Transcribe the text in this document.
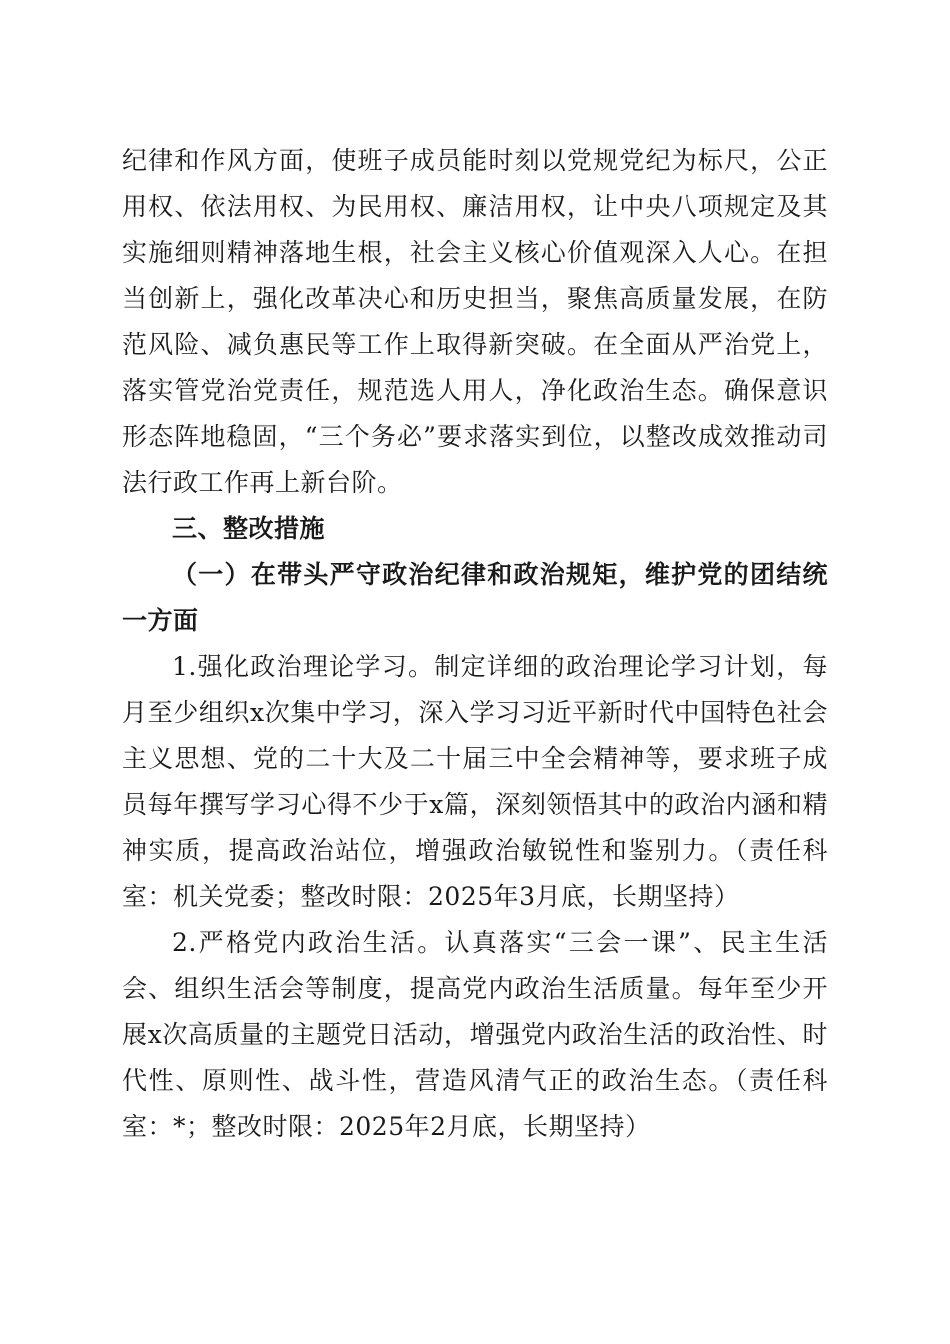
纪律和作风方面，使班子成员能时刻以党规党纪为标尺，公正用权、依法用权、为民用权、廉洁用权，让中央八项规定及其实施细则精神落地生根，社会主义核心价值观深入人心。在担当创新上，强化改革决心和历史担当，聚焦高质量发展，在防范风险、减负惠民等工作上取得新突破。在全面从严治党上，落实管党治党责任，规范选人用人，净化政治生态。确保意识形态阵地稳固，“三个务必”要求落实到位，以整改成效推动司法行政工作再上新台阶。

三、整改措施

（一）在带头严守政治纪律和政治规矩，维护党的团结统一方面

1.强化政治理论学习。制定详细的政治理论学习计划，每月至少组织x次集中学习，深入学习习近平新时代中国特色社会主义思想、党的二十大及二十届三中全会精神等，要求班子成员每年撰写学习心得不少于x篇，深刻领悟其中的政治内涵和精神实质，提高政治站位，增强政治敏锐性和鉴别力。（责任科室：机关党委；整改时限：2025年3月底，长期坚持）

2.严格党内政治生活。认真落实“三会一课”、民主生活会、组织生活会等制度，提高党内政治生活质量。每年至少开展x次高质量的主题党日活动，增强党内政治生活的政治性、时代性、原则性、战斗性，营造风清气正的政治生态。（责任科室：*；整改时限：2025年2月底，长期坚持）
